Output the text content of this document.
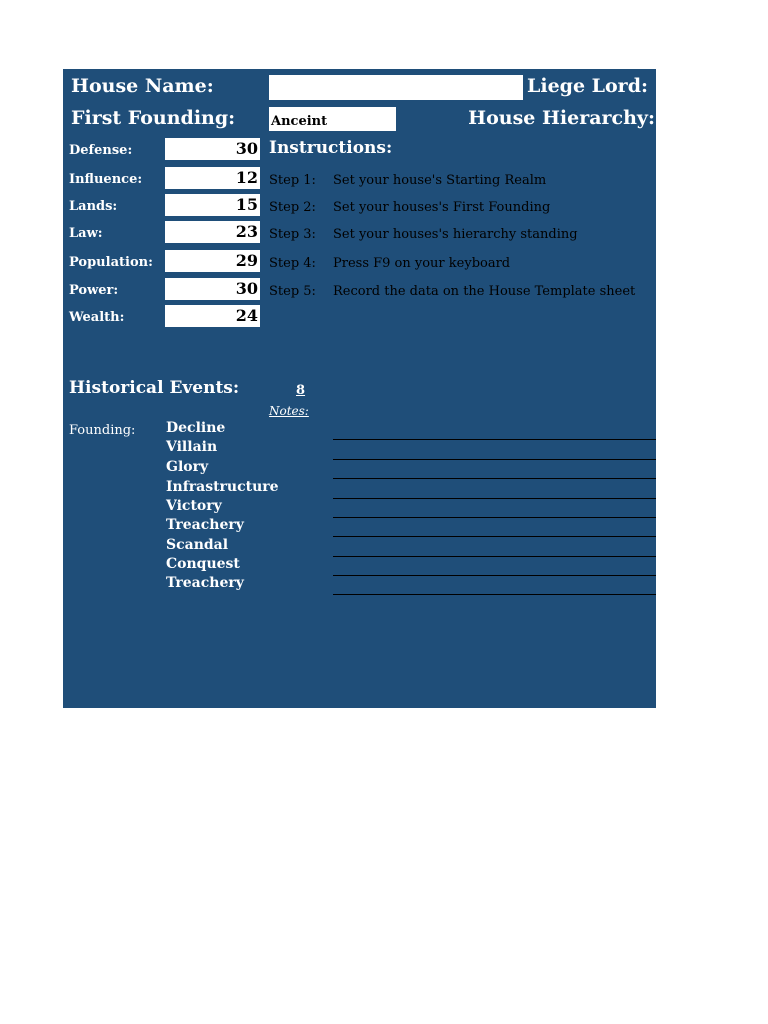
House Name:	Liege Lord:
First Founding:	Anceint	House Hierarchy:
Defense:	30
Influence:	12
Lands:	15
Law:	23
Population:	29
Power:	30
Wealth:	24
Instructions:
Step 1: Set your house's Starting Realm
Step 2: Set your houses's First Founding
Step 3: Set your houses's hierarchy standing
Step 4: Press F9 on your keyboard
Step 5: Record the data on the House Template sheet
Historical Events:	8
Notes:
Founding: Decline
Villain
Glory
Infrastructure
Victory
Treachery
Scandal
Conquest
Treachery
